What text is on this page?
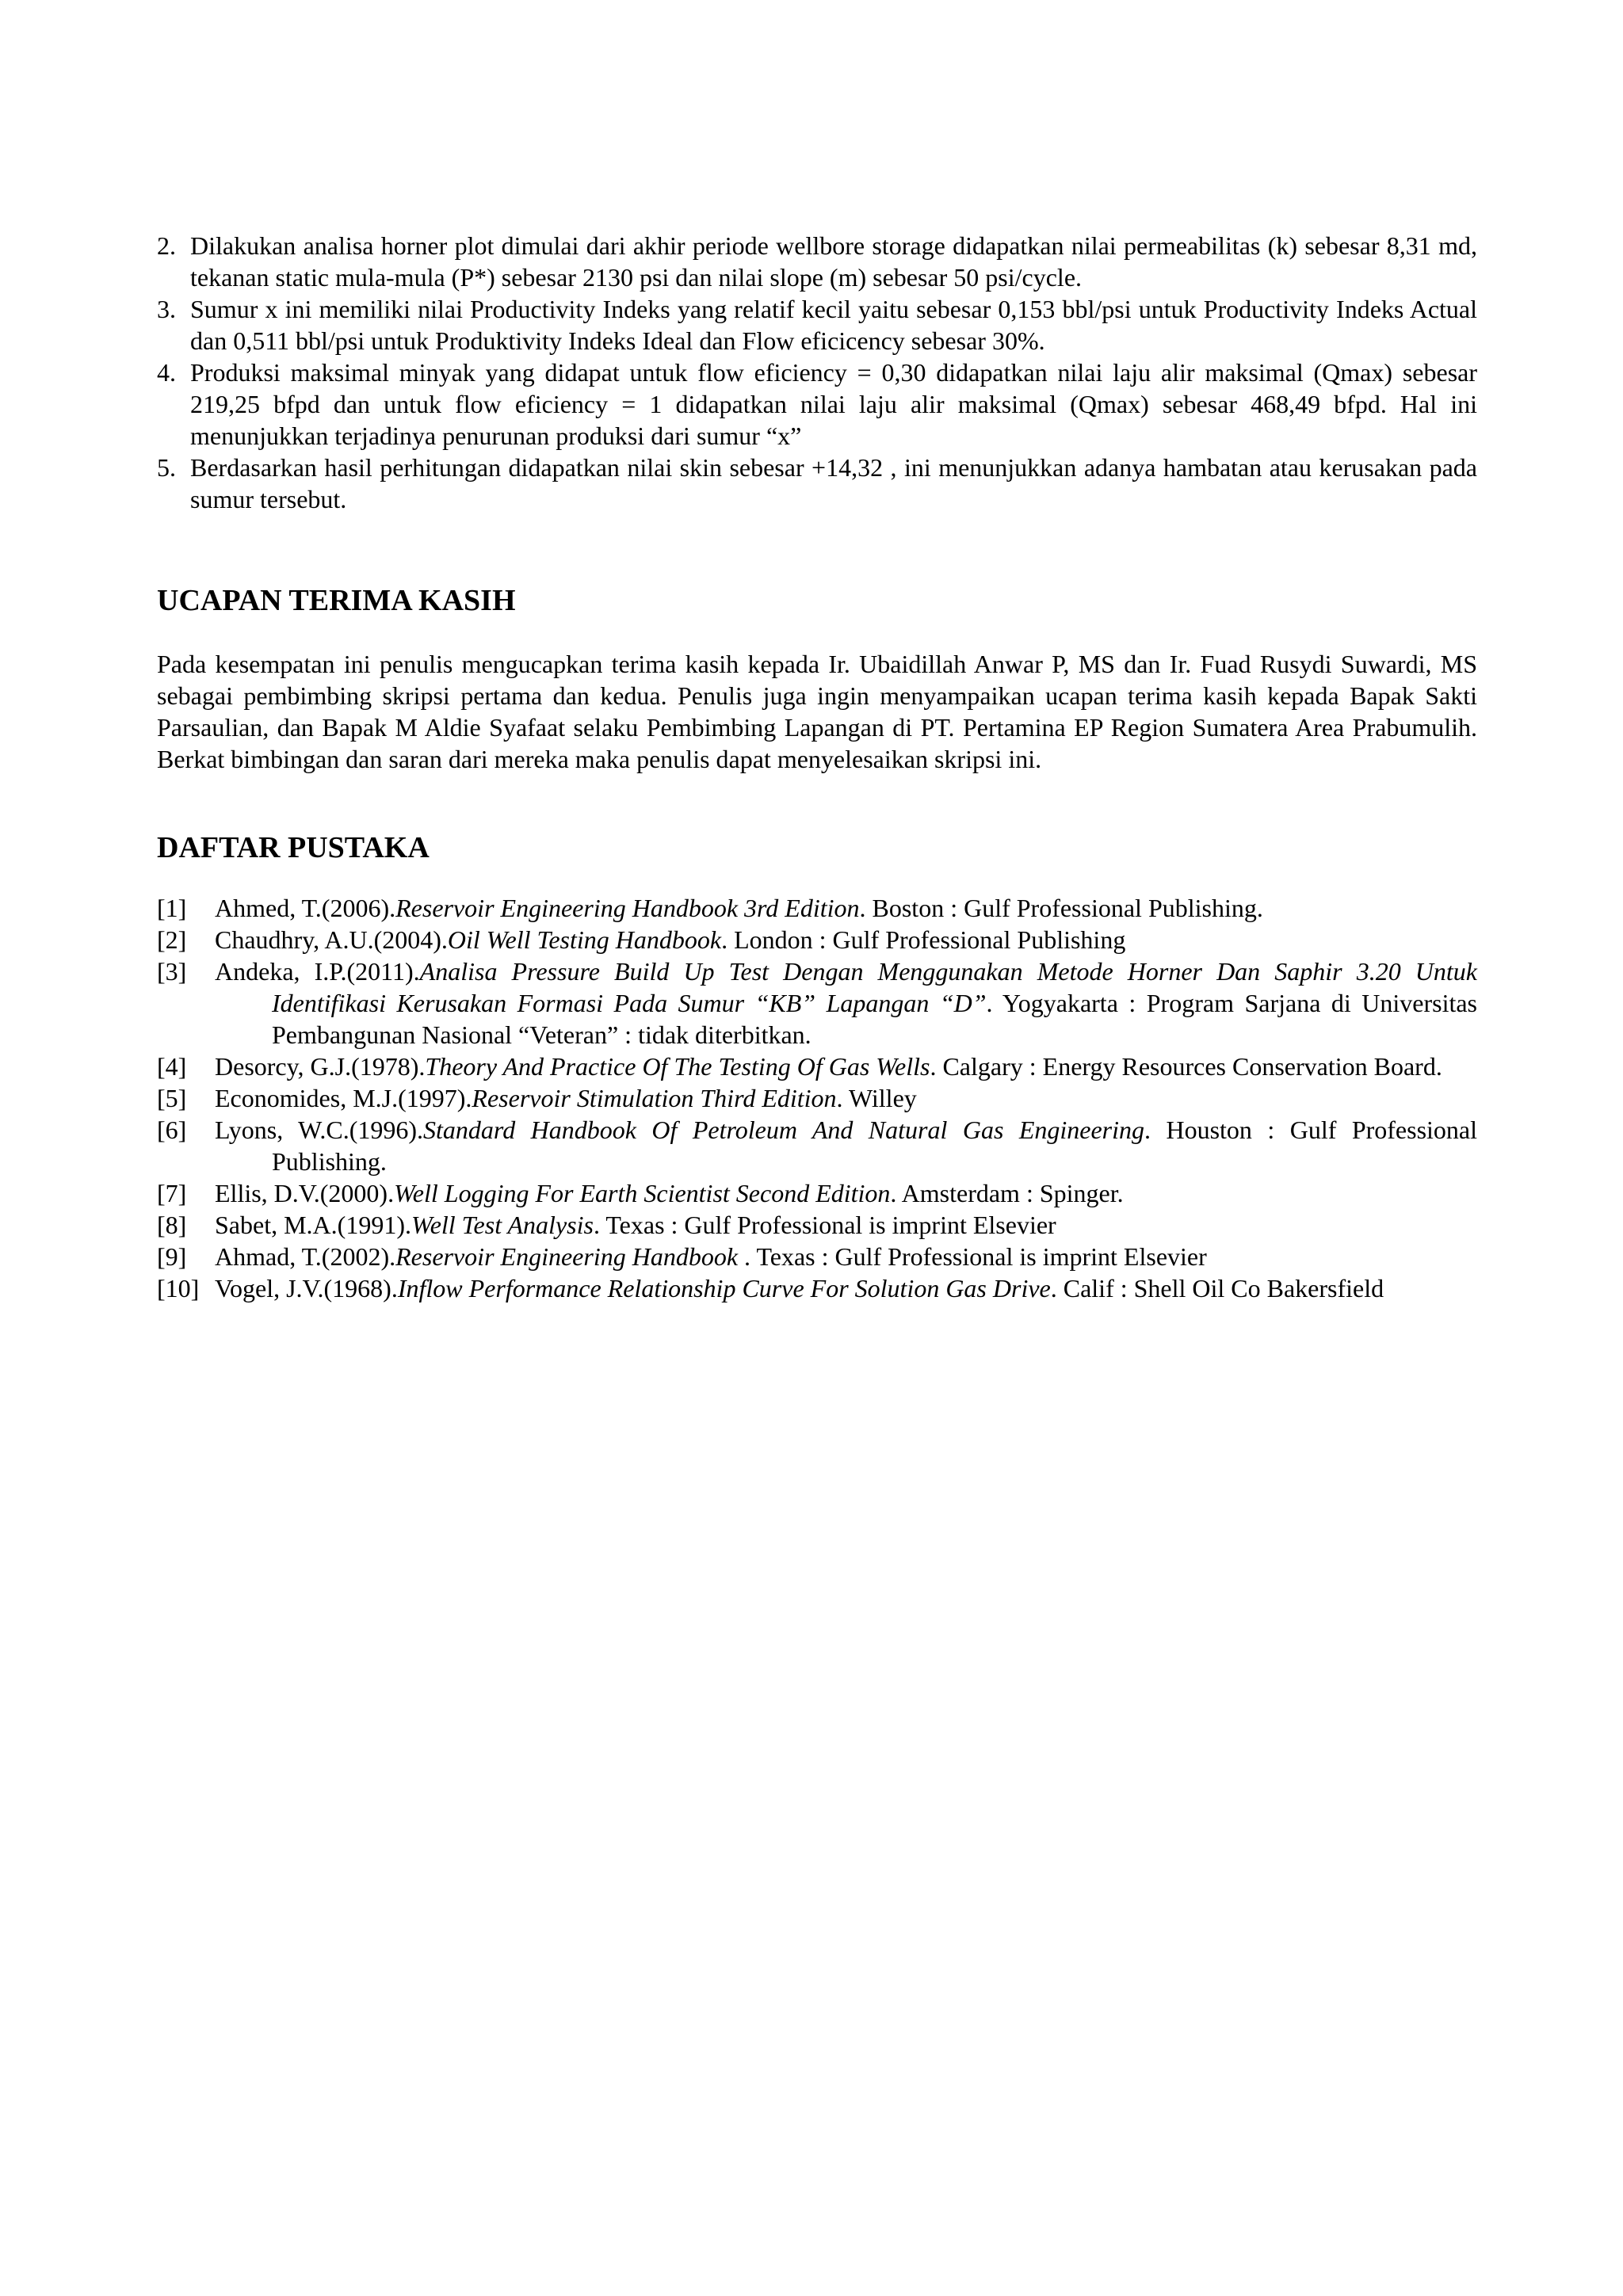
2. Dilakukan analisa horner plot dimulai dari akhir periode wellbore storage didapatkan nilai permeabilitas (k) sebesar 8,31 md, tekanan static mula-mula (P*) sebesar 2130 psi dan nilai slope (m) sebesar 50 psi/cycle.
3. Sumur x ini memiliki nilai Productivity Indeks yang relatif kecil yaitu sebesar 0,153 bbl/psi untuk Productivity Indeks Actual dan 0,511 bbl/psi untuk Produktivity Indeks Ideal dan Flow eficicency sebesar 30%.
4. Produksi maksimal minyak yang didapat untuk flow eficiency = 0,30 didapatkan nilai laju alir maksimal (Qmax) sebesar 219,25 bfpd dan untuk flow eficiency = 1 didapatkan nilai laju alir maksimal (Qmax) sebesar 468,49 bfpd. Hal ini menunjukkan terjadinya penurunan produksi dari sumur “x”
5. Berdasarkan hasil perhitungan didapatkan nilai skin sebesar +14,32 , ini menunjukkan adanya hambatan atau kerusakan pada sumur tersebut.
UCAPAN TERIMA KASIH

Pada kesempatan ini penulis mengucapkan terima kasih kepada Ir. Ubaidillah Anwar P, MS dan Ir. Fuad Rusydi Suwardi, MS sebagai pembimbing skripsi pertama dan kedua. Penulis juga ingin menyampaikan ucapan terima kasih kepada Bapak Sakti Parsaulian, dan Bapak M Aldie Syafaat selaku Pembimbing Lapangan di PT. Pertamina EP Region Sumatera Area Prabumulih. Berkat bimbingan dan saran dari mereka maka penulis dapat menyelesaikan skripsi ini.

DAFTAR PUSTAKA
[1] Ahmed, T.(2006).Reservoir Engineering Handbook 3rd Edition. Boston : Gulf Professional Publishing.
[2] Chaudhry, A.U.(2004).Oil Well Testing Handbook. London : Gulf Professional Publishing
[3] Andeka, I.P.(2011).Analisa Pressure Build Up Test Dengan Menggunakan Metode Horner Dan Saphir 3.20 Untuk Identifikasi Kerusakan Formasi Pada Sumur “KB” Lapangan “D”. Yogyakarta : Program Sarjana di Universitas Pembangunan Nasional “Veteran” : tidak diterbitkan.
[4] Desorcy, G.J.(1978).Theory And Practice Of The Testing Of Gas Wells. Calgary : Energy Resources Conservation Board.
[5] Economides, M.J.(1997).Reservoir Stimulation Third Edition. Willey
[6] Lyons, W.C.(1996).Standard Handbook Of Petroleum And Natural Gas Engineering. Houston : Gulf Professional Publishing.
[7] Ellis, D.V.(2000).Well Logging For Earth Scientist Second Edition. Amsterdam : Spinger.
[8] Sabet, M.A.(1991).Well Test Analysis. Texas : Gulf Professional is imprint Elsevier
[9] Ahmad, T.(2002).Reservoir Engineering Handbook . Texas : Gulf Professional is imprint Elsevier
[10] Vogel, J.V.(1968).Inflow Performance Relationship Curve For Solution Gas Drive. Calif : Shell Oil Co Bakersfield
